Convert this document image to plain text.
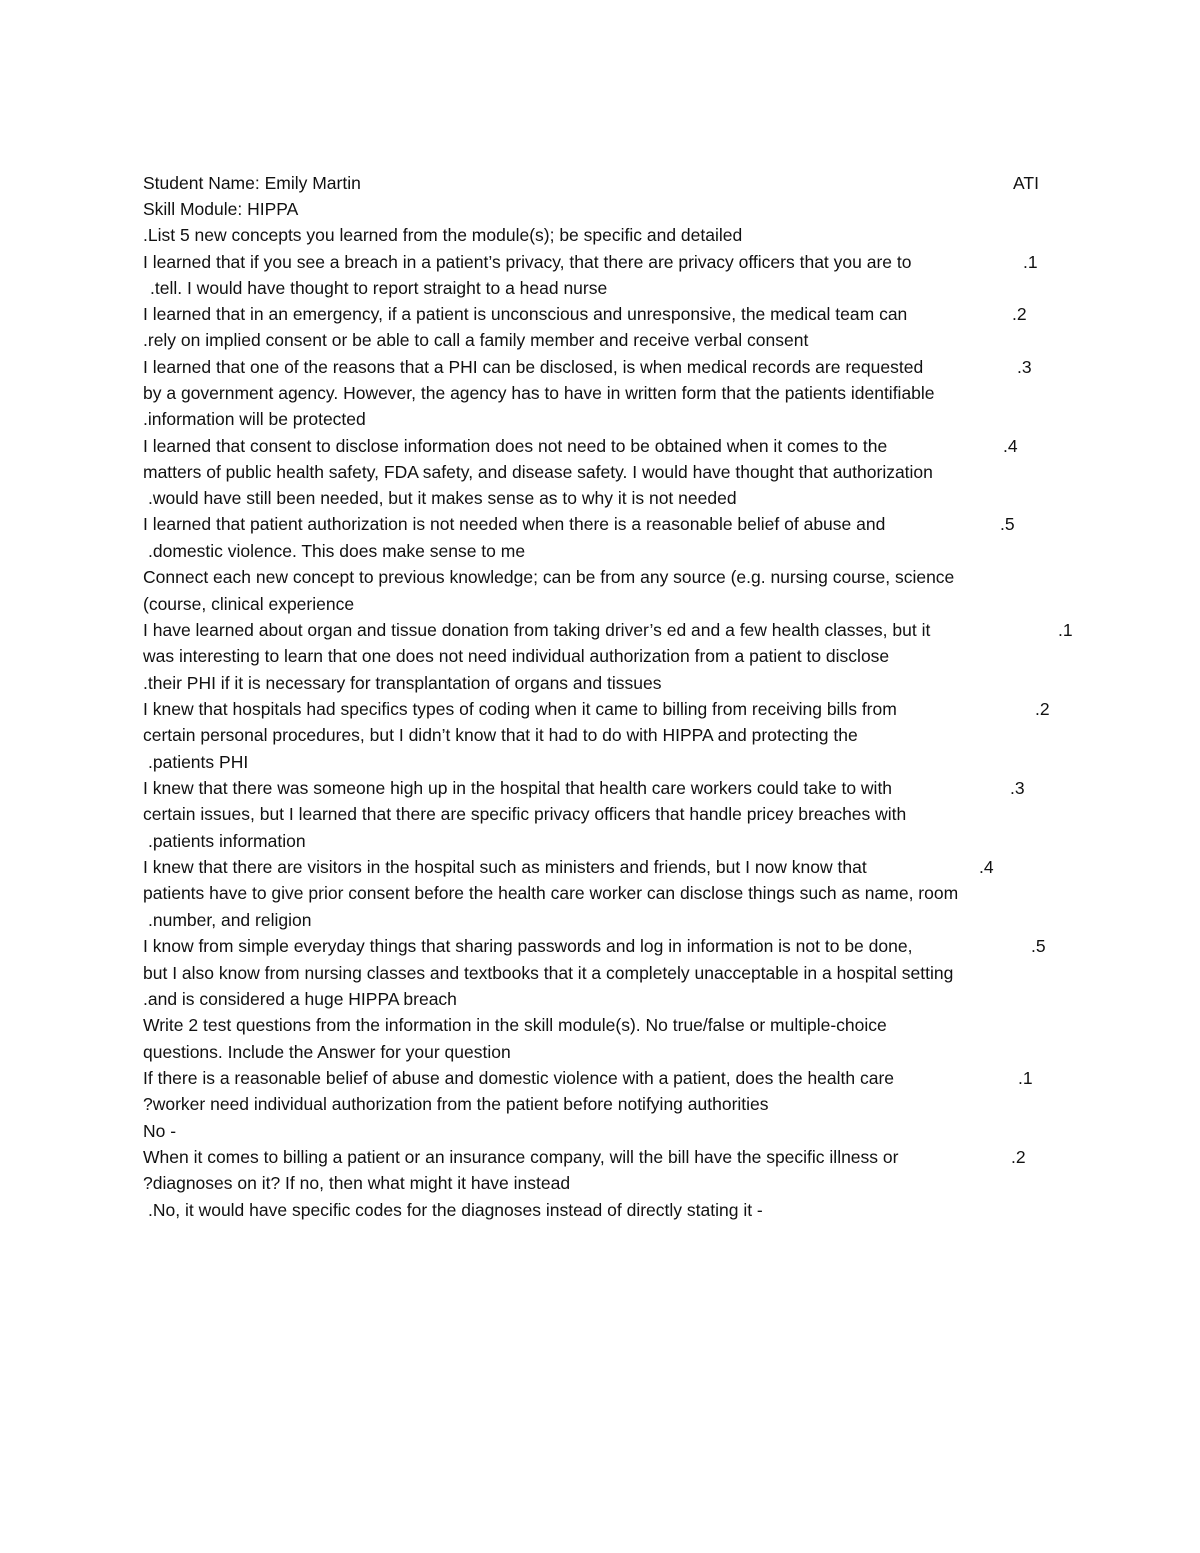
Student Name: Emily Martin	ATI
Skill Module: HIPPA
.List 5 new concepts you learned from the module(s); be specific and detailed
I learned that if you see a breach in a patient’s privacy, that there are privacy officers that you are to	.1
.tell. I would have thought to report straight to a head nurse
I learned that in an emergency, if a patient is unconscious and unresponsive, the medical team can	.2
.rely on implied consent or be able to call a family member and receive verbal consent
I learned that one of the reasons that a PHI can be disclosed, is when medical records are requested	.3
by a government agency. However, the agency has to have in written form that the patients identifiable
.information will be protected
I learned that consent to disclose information does not need to be obtained when it comes to the	.4
matters of public health safety, FDA safety, and disease safety. I would have thought that authorization
.would have still been needed, but it makes sense as to why it is not needed
I learned that patient authorization is not needed when there is a reasonable belief of abuse and	.5
.domestic violence. This does make sense to me
Connect each new concept to previous knowledge; can be from any source (e.g. nursing course, science
(course, clinical experience
I have learned about organ and tissue donation from taking driver’s ed and a few health classes, but it	.1
was interesting to learn that one does not need individual authorization from a patient to disclose
.their PHI if it is necessary for transplantation of organs and tissues
I knew that hospitals had specifics types of coding when it came to billing from receiving bills from	.2
certain personal procedures, but I didn’t know that it had to do with HIPPA and protecting the
.patients PHI
I knew that there was someone high up in the hospital that health care workers could take to with	.3
certain issues, but I learned that there are specific privacy officers that handle pricey breaches with
.patients information
I knew that there are visitors in the hospital such as ministers and friends, but I now know that	.4
patients have to give prior consent before the health care worker can disclose things such as name, room
.number, and religion
I know from simple everyday things that sharing passwords and log in information is not to be done,	.5
but I also know from nursing classes and textbooks that it a completely unacceptable in a hospital setting
.and is considered a huge HIPPA breach
Write 2 test questions from the information in the skill module(s). No true/false or multiple-choice
questions. Include the Answer for your question
If there is a reasonable belief of abuse and domestic violence with a patient, does the health care	.1
?worker need individual authorization from the patient before notifying authorities
No -
When it comes to billing a patient or an insurance company, will the bill have the specific illness or	.2
?diagnoses on it? If no, then what might it have instead
.No, it would have specific codes for the diagnoses instead of directly stating it -
